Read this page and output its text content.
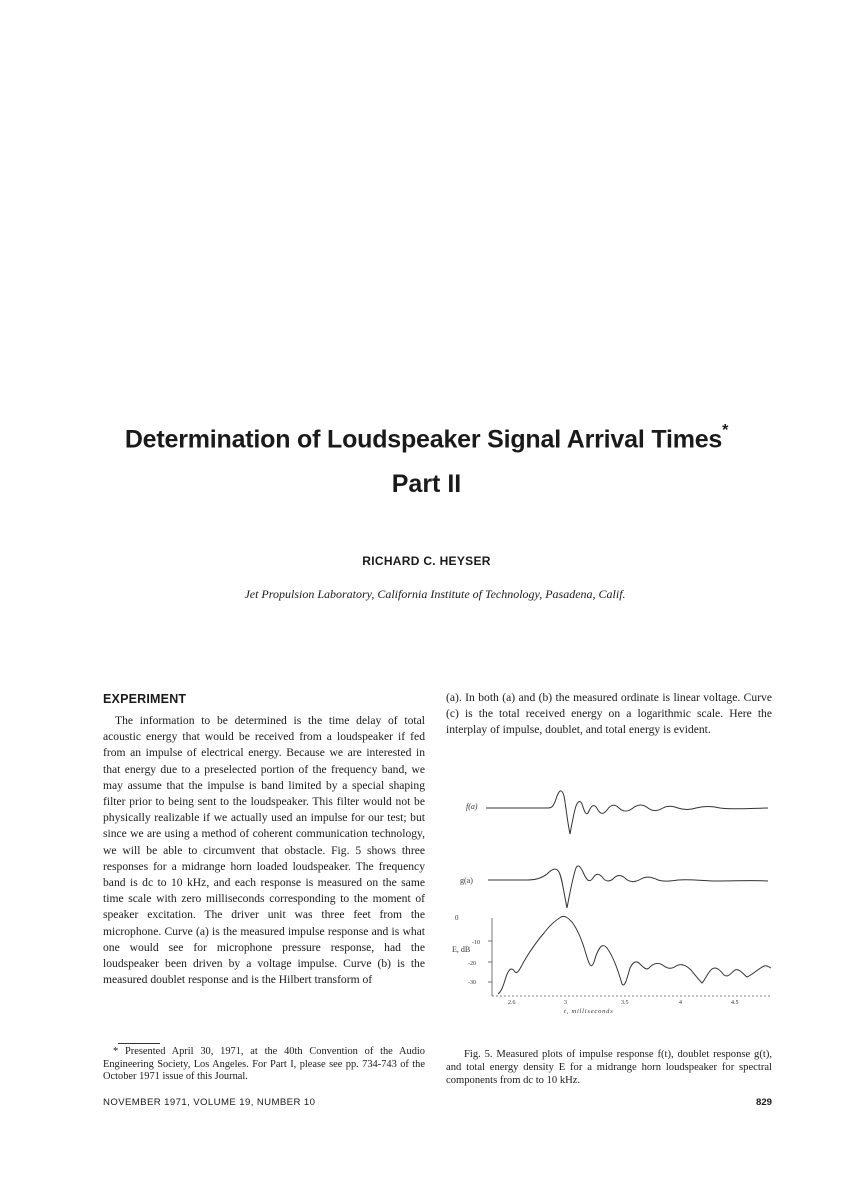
Determination of Loudspeaker Signal Arrival Times*
Part II
RICHARD C. HEYSER
Jet Propulsion Laboratory, California Institute of Technology, Pasadena, Calif.
EXPERIMENT
The information to be determined is the time delay of total acoustic energy that would be received from a loudspeaker if fed from an impulse of electrical energy. Because we are interested in that energy due to a preselected portion of the frequency band, we may assume that the impulse is band limited by a special shaping filter prior to being sent to the loudspeaker. This filter would not be physically realizable if we actually used an impulse for our test; but since we are using a method of coherent communication technology, we will be able to circumvent that obstacle. Fig. 5 shows three responses for a midrange horn loaded loudspeaker. The frequency band is dc to 10 kHz, and each response is measured on the same time scale with zero milliseconds corresponding to the moment of speaker excitation. The driver unit was three feet from the microphone. Curve (a) is the measured impulse response and is what one would see for microphone pressure response, had the loudspeaker been driven by a voltage impulse. Curve (b) is the measured doublet response and is the Hilbert transform of
(a). In both (a) and (b) the measured ordinate is linear voltage. Curve (c) is the total received energy on a logarithmic scale. Here the interplay of impulse, doublet, and total energy is evident.
f(a)
g(a)
E, dB
0
-10
-20
-30
2.6	3	3.5	4	4.5
t, milliseconds
* Presented April 30, 1971, at the 40th Convention of the Audio Engineering Society, Los Angeles. For Part I, please see pp. 734-743 of the October 1971 issue of this Journal.
Fig. 5. Measured plots of impulse response f(t), doublet response g(t), and total energy density E for a midrange horn loudspeaker for spectral components from dc to 10 kHz.
NOVEMBER 1971, VOLUME 19, NUMBER 10	829
